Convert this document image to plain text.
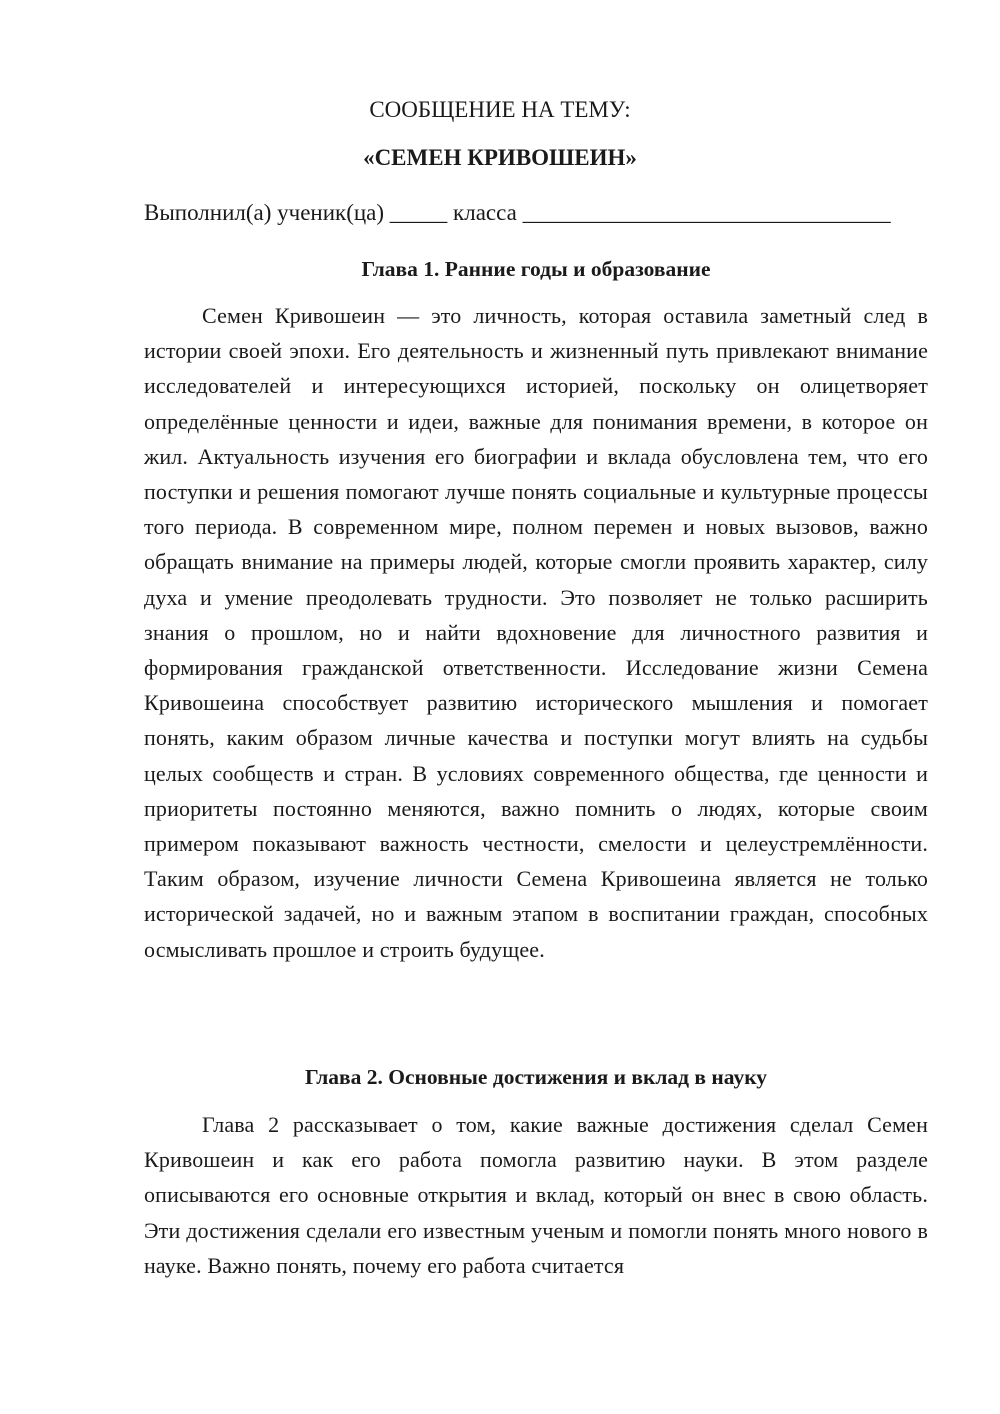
СООБЩЕНИЕ НА ТЕМУ:

«СЕМЕН КРИВОШЕИН»

Выполнил(а) ученик(ца) _____ класса ________________________________

Глава 1. Ранние годы и образование

Семен Кривошеин — это личность, которая оставила заметный след в истории своей эпохи. Его деятельность и жизненный путь привлекают внимание исследователей и интересующихся историей, поскольку он олицетворяет определённые ценности и идеи, важные для понимания времени, в которое он жил. Актуальность изучения его биографии и вклада обусловлена тем, что его поступки и решения помогают лучше понять социальные и культурные процессы того периода. В современном мире, полном перемен и новых вызовов, важно обращать внимание на примеры людей, которые смогли проявить характер, силу духа и умение преодолевать трудности. Это позволяет не только расширить знания о прошлом, но и найти вдохновение для личностного развития и формирования гражданской ответственности. Исследование жизни Семена Кривошеина способствует развитию исторического мышления и помогает понять, каким образом личные качества и поступки могут влиять на судьбы целых сообществ и стран. В условиях современного общества, где ценности и приоритеты постоянно меняются, важно помнить о людях, которые своим примером показывают важность честности, смелости и целеустремлённости. Таким образом, изучение личности Семена Кривошеина является не только исторической задачей, но и важным этапом в воспитании граждан, способных осмысливать прошлое и строить будущее.

Глава 2. Основные достижения и вклад в науку

Глава 2 рассказывает о том, какие важные достижения сделал Семен Кривошеин и как его работа помогла развитию науки. В этом разделе описываются его основные открытия и вклад, который он внес в свою область. Эти достижения сделали его известным ученым и помогли понять много нового в науке. Важно понять, почему его работа считается
